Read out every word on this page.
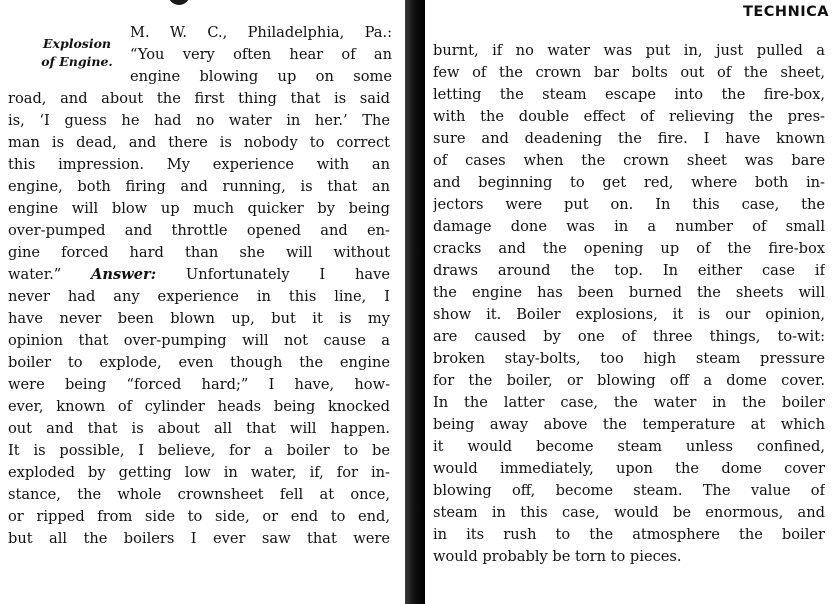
Explosion
of Engine.
M. W. C., Philadelphia, Pa.:
“You very often hear of an
engine blowing up on some
road, and about the first thing that is said
is, ‘I guess he had no water in her.’ The
man is dead, and there is nobody to correct
this impression. My experience with an
engine, both firing and running, is that an
engine will blow up much quicker by being
over-pumped and throttle opened and en-
gine forced hard than she will without
water.” Answer: Unfortunately I have
never had any experience in this line, I
have never been blown up, but it is my
opinion that over-pumping will not cause a
boiler to explode, even though the engine
were being “forced hard;” I have, how-
ever, known of cylinder heads being knocked
out and that is about all that will happen.
It is possible, I believe, for a boiler to be
exploded by getting low in water, if, for in-
stance, the whole crownsheet fell at once,
or ripped from side to side, or end to end,
but all the boilers I ever saw that were
TECHNICA
burnt, if no water was put in, just pulled a
few of the crown bar bolts out of the sheet,
letting the steam escape into the fire-box,
with the double effect of relieving the pres-
sure and deadening the fire. I have known
of cases when the crown sheet was bare
and beginning to get red, where both in-
jectors were put on. In this case, the
damage done was in a number of small
cracks and the opening up of the fire-box
draws around the top. In either case if
the engine has been burned the sheets will
show it. Boiler explosions, it is our opinion,
are caused by one of three things, to-wit:
broken stay-bolts, too high steam pressure
for the boiler, or blowing off a dome cover.
In the latter case, the water in the boiler
being away above the temperature at which
it would become steam unless confined,
would immediately, upon the dome cover
blowing off, become steam. The value of
steam in this case, would be enormous, and
in its rush to the atmosphere the boiler
would probably be torn to pieces.
